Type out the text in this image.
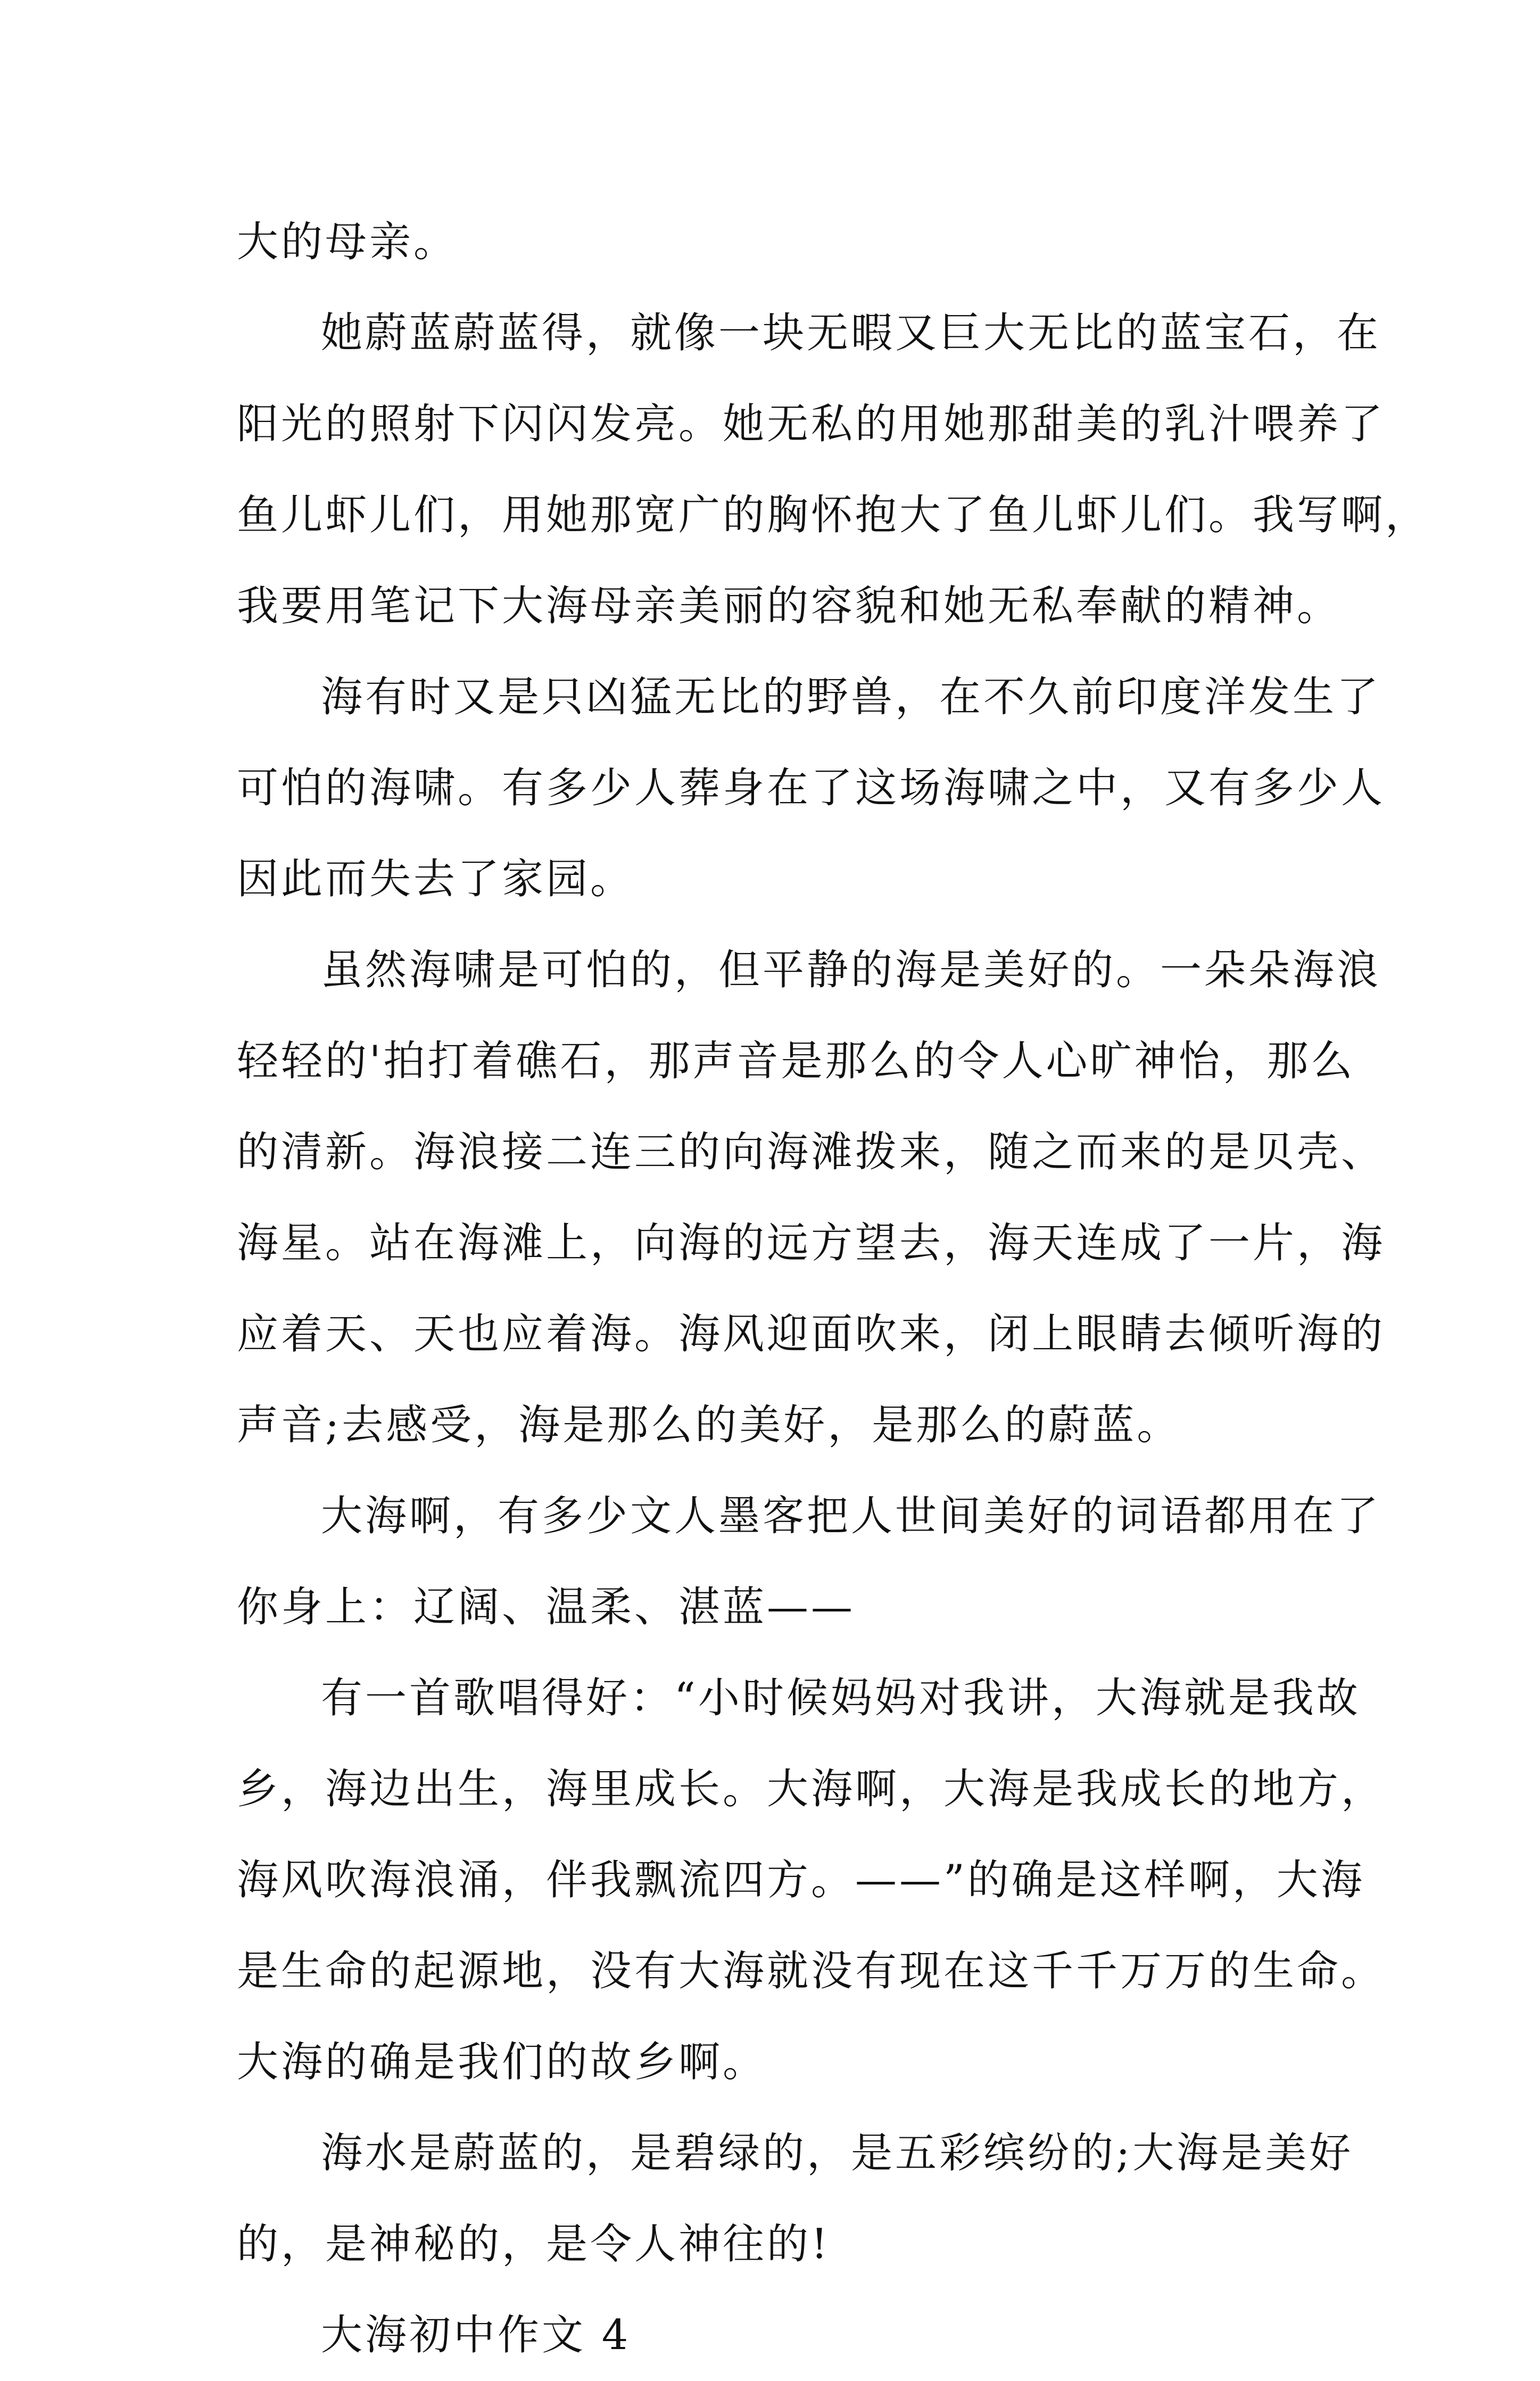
大的母亲。
她蔚蓝蔚蓝得，就像一块无暇又巨大无比的蓝宝石，在
阳光的照射下闪闪发亮。她无私的用她那甜美的乳汁喂养了
鱼儿虾儿们，用她那宽广的胸怀抱大了鱼儿虾儿们。我写啊，
我要用笔记下大海母亲美丽的容貌和她无私奉献的精神。
海有时又是只凶猛无比的野兽，在不久前印度洋发生了
可怕的海啸。有多少人葬身在了这场海啸之中，又有多少人
因此而失去了家园。
虽然海啸是可怕的，但平静的海是美好的。一朵朵海浪
轻轻的'拍打着礁石，那声音是那么的令人心旷神怡，那么
的清新。海浪接二连三的向海滩拨来，随之而来的是贝壳、
海星。站在海滩上，向海的远方望去，海天连成了一片，海
应着天、天也应着海。海风迎面吹来，闭上眼睛去倾听海的
声音;去感受，海是那么的美好，是那么的蔚蓝。
大海啊，有多少文人墨客把人世间美好的词语都用在了
你身上：辽阔、温柔、湛蓝——
有一首歌唱得好：“小时候妈妈对我讲，大海就是我故
乡，海边出生，海里成长。大海啊，大海是我成长的地方，
海风吹海浪涌，伴我飘流四方。——”的确是这样啊，大海
是生命的起源地，没有大海就没有现在这千千万万的生命。
大海的确是我们的故乡啊。
海水是蔚蓝的，是碧绿的，是五彩缤纷的;大海是美好
的，是神秘的，是令人神往的!
大海初中作文 4
